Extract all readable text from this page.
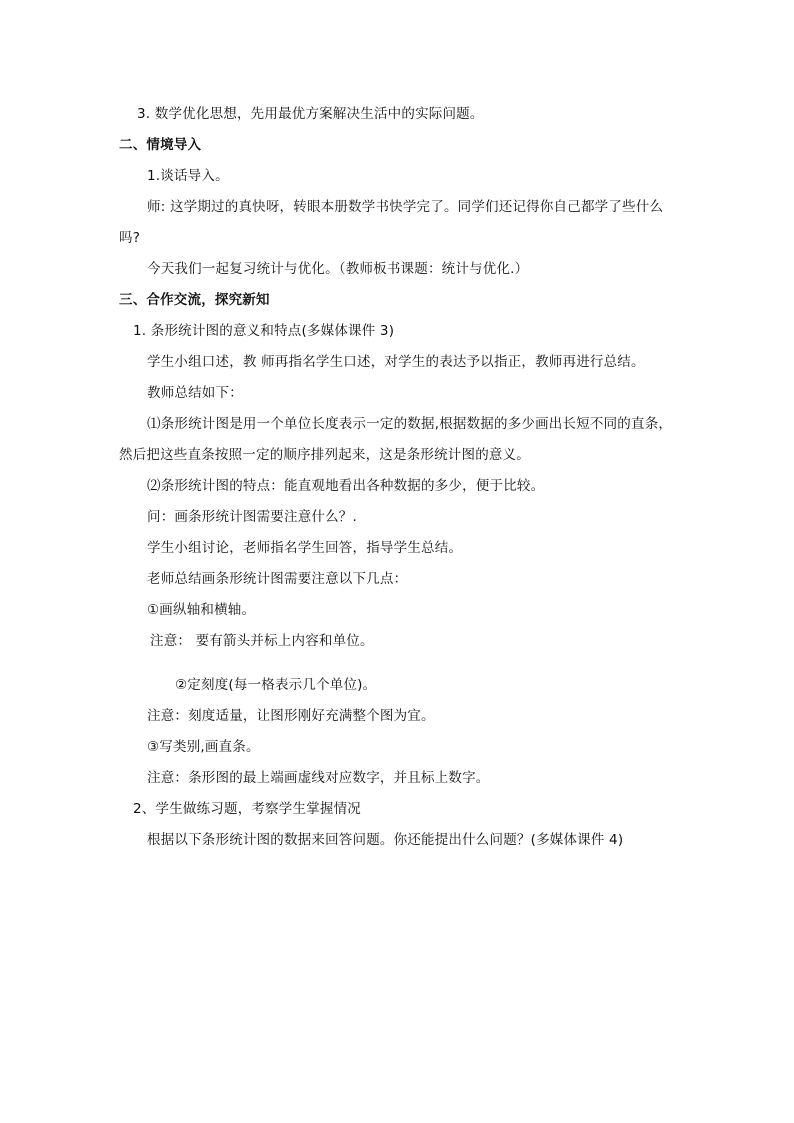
3. 数学优化思想，先用最优方案解决生活中的实际问题。
二、情境导入
1.谈话导入。
师: 这学期过的真快呀，转眼本册数学书快学完了。同学们还记得你自己都学了些什么
吗?
今天我们一起复习统计与优化。（教师板书课题：统计与优化.）
三、合作交流，探究新知
1. 条形统计图的意义和特点(多媒体课件 3)
学生小组口述，教 师再指名学生口述，对学生的表达予以指正，教师再进行总结。
教师总结如下：
⑴条形统计图是用一个单位长度表示一定的数据,根据数据的多少画出长短不同的直条，
然后把这些直条按照一定的顺序排列起来，这是条形统计图的意义。
⑵条形统计图的特点：能直观地看出各种数据的多少，便于比较。
问：画条形统计图需要注意什么？.
学生小组讨论，老师指名学生回答，指导学生总结。
老师总结画条形统计图需要注意以下几点：
①画纵轴和横轴。
注意： 要有箭头并标上内容和单位。
②定刻度(每一格表示几个单位)。
注意：刻度适量，让图形刚好充满整个图为宜。
③写类别,画直条。
注意：条形图的最上端画虚线对应数字，并且标上数字。
2、学生做练习题，考察学生掌握情况
根据以下条形统计图的数据来回答问题。你还能提出什么问题？(多媒体课件 4)
